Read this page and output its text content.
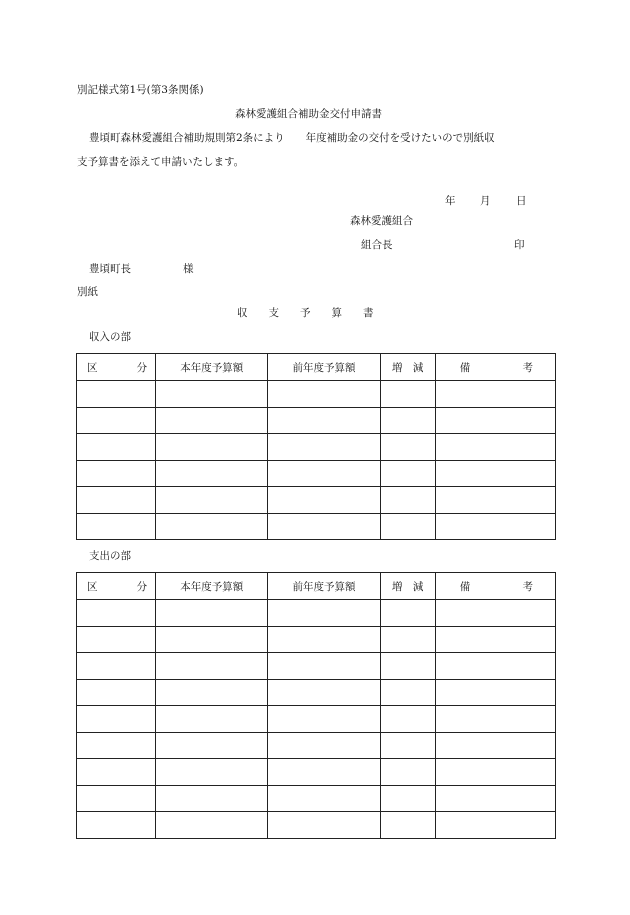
別記様式第1号(第3条関係)
森林愛護組合補助金交付申請書
豊頃町森林愛護組合補助規則第2条により　　年度補助金の交付を受けたいので別紙収
支予算書を添えて申請いたします。
年 月 日
森林愛護組合
組合長	印
豊頃町長	様
別紙
収　　支　　予　　算　　書
収入の部
区 分	本年度予算額	前年度予算額	増　減	備 考

支出の部
区 分	本年度予算額	前年度予算額	増　減	備 考
